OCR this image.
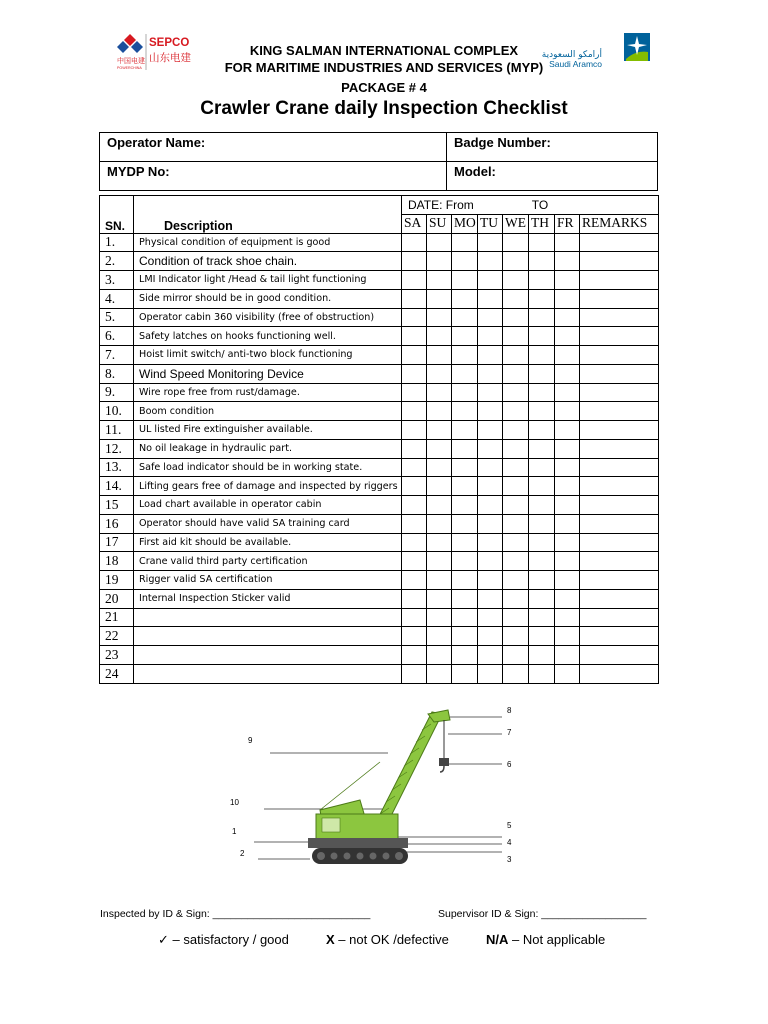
SEPCO
山东电建
中国电建
POWERCHINA
أرامكو السعودية
Saudi Aramco
KING SALMAN INTERNATIONAL COMPLEX
FOR MARITIME INDUSTRIES AND SERVICES (MYP)
PACKAGE # 4
Crawler Crane daily Inspection Checklist
Operator Name:	Badge Number:
MYDP No:	Model:
SN.	Description	DATE: From TO							
		SA	SU	MO	TU	WE	TH	FR	REMARKS
1.	Physical condition of equipment is good								
2.	Condition of track shoe chain.								
3.	LMI Indicator light /Head & tail light functioning								
4.	Side mirror should be in good condition.								
5.	Operator cabin 360 visibility (free of obstruction)								
6.	Safety latches on hooks functioning well.								
7.	Hoist limit switch/ anti-two block functioning								
8.	Wind Speed Monitoring Device								
9.	Wire rope free from rust/damage.								
10.	Boom condition								
11.	UL listed Fire extinguisher available.								
12.	No oil leakage in hydraulic part.								
13.	Safe load indicator should be in working state.								
14.	Lifting gears free of damage and inspected by riggers								
15	Load chart available in operator cabin								
16	Operator should have valid SA training card								
17	First aid kit should be available.								
18	Crane valid third party certification								
19	Rigger valid SA certification								
20	Internal Inspection Sticker valid								
21									
22									
23									
24									
8
7
6
9
10
1
2
5
4
3
Inspected by ID & Sign: ___________________________	Supervisor ID & Sign: __________________
✓ – satisfactory / good	X – not OK /defective	N/A – Not applicable
